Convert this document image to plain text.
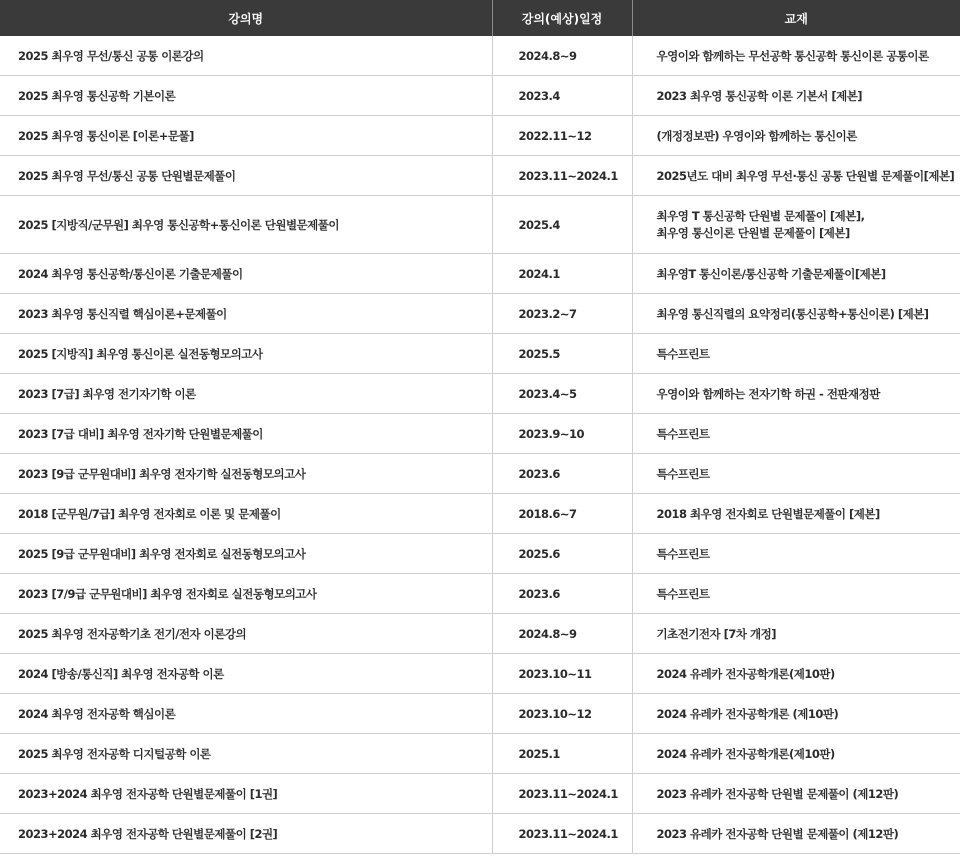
강의명	강의(예상)일정	교재
2025 최우영 무선/통신 공통 이론강의	2024.8~9	우영이와 함께하는 무선공학 통신공학 통신이론 공통이론
2025 최우영 통신공학 기본이론	2023.4	2023 최우영 통신공학 이론 기본서 [제본]
2025 최우영 통신이론 [이론+문풀]	2022.11~12	(개정정보판) 우영이와 함께하는 통신이론
2025 최우영 무선/통신 공통 단원별문제풀이	2023.11~2024.1	2025년도 대비 최우영 무선·통신 공통 단원별 문제풀이[제본]
2025 [지방직/군무원] 최우영 통신공학+통신이론 단원별문제풀이	2025.4	최우영 T 통신공학 단원별 문제풀이 [제본],
최우영 통신이론 단원별 문제풀이 [제본]

2024 최우영 통신공학/통신이론 기출문제풀이	2024.1	최우영T 통신이론/통신공학 기출문제풀이[제본]
2023 최우영 통신직렬 핵심이론+문제풀이	2023.2~7	최우영 통신직렬의 요약정리(통신공학+통신이론) [제본]
2025 [지방직] 최우영 통신이론 실전동형모의고사	2025.5	특수프린트
2023 [7급] 최우영 전기자기학 이론	2023.4~5	우영이와 함께하는 전자기학 하권 - 전판재정판
2023 [7급 대비] 최우영 전자기학 단원별문제풀이	2023.9~10	특수프린트
2023 [9급 군무원대비] 최우영 전자기학 실전동형모의고사	2023.6	특수프린트
2018 [군무원/7급] 최우영 전자회로 이론 및 문제풀이	2018.6~7	2018 최우영 전자회로 단원별문제풀이 [제본]
2025 [9급 군무원대비] 최우영 전자회로 실전동형모의고사	2025.6	특수프린트
2023 [7/9급 군무원대비] 최우영 전자회로 실전동형모의고사	2023.6	특수프린트
2025 최우영 전자공학기초 전기/전자 이론강의	2024.8~9	기초전기전자 [7차 개정]
2024 [방송/통신직] 최우영 전자공학 이론	2023.10~11	2024 유레카 전자공학개론(제10판)
2024 최우영 전자공학 핵심이론	2023.10~12	2024 유레카 전자공학개론 (제10판)
2025 최우영 전자공학 디지털공학 이론	2025.1	2024 유레카 전자공학개론(제10판)
2023+2024 최우영 전자공학 단원별문제풀이 [1권]	2023.11~2024.1	2023 유레카 전자공학 단원별 문제풀이 (제12판)
2023+2024 최우영 전자공학 단원별문제풀이 [2권]	2023.11~2024.1	2023 유레카 전자공학 단원별 문제풀이 (제12판)
